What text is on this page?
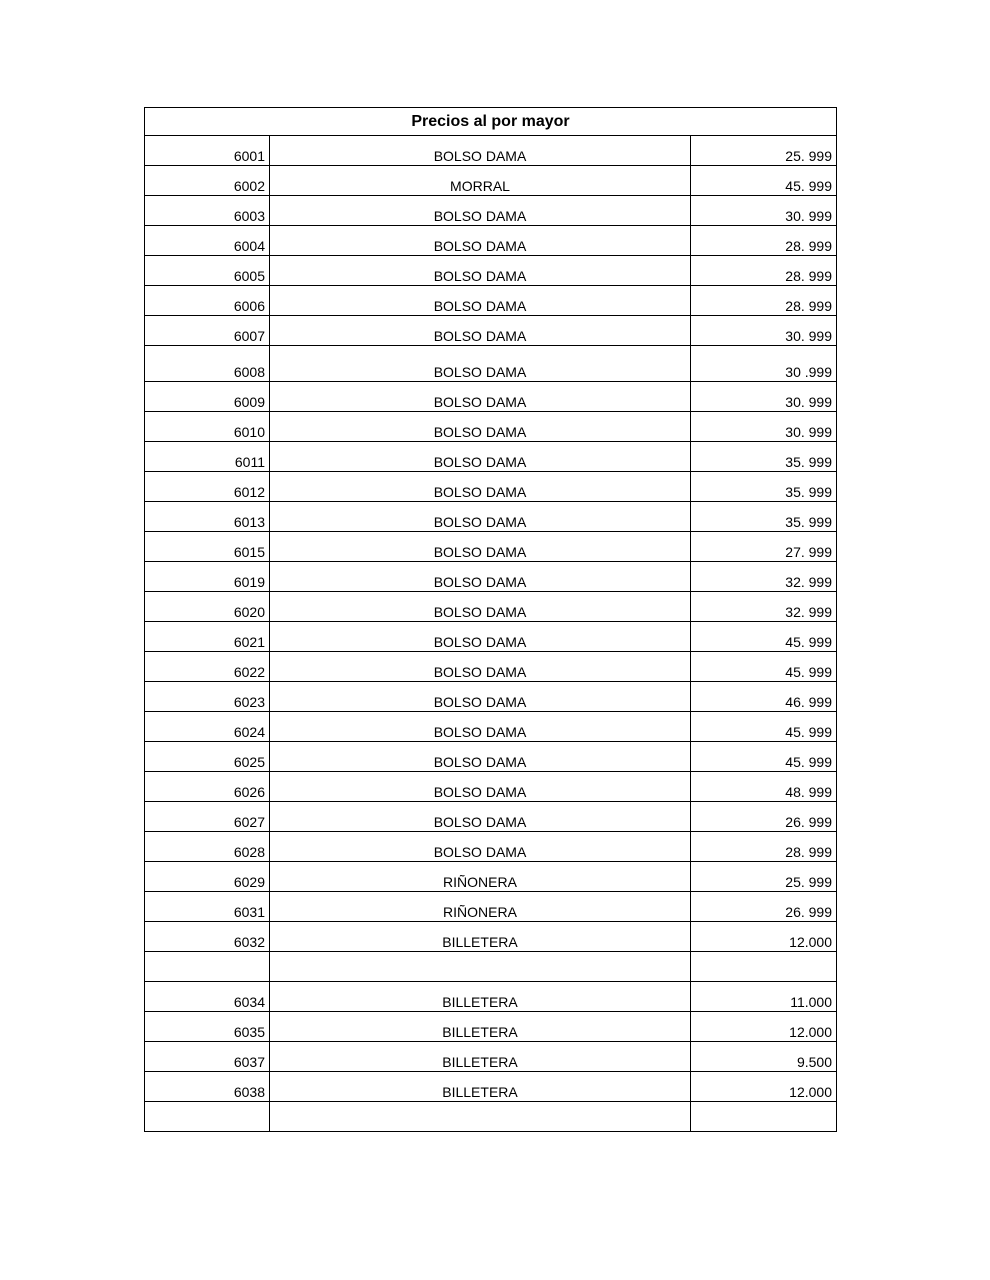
Precios al por mayor		
6001	BOLSO DAMA	25. 999
6002	MORRAL	45. 999
6003	BOLSO DAMA	30. 999
6004	BOLSO DAMA	28. 999
6005	BOLSO DAMA	28. 999
6006	BOLSO DAMA	28. 999
6007	BOLSO DAMA	30. 999
6008	BOLSO DAMA	30 .999
6009	BOLSO DAMA	30. 999
6010	BOLSO DAMA	30. 999
6011	BOLSO DAMA	35. 999
6012	BOLSO DAMA	35. 999
6013	BOLSO DAMA	35. 999
6015	BOLSO DAMA	27. 999
6019	BOLSO DAMA	32. 999
6020	BOLSO DAMA	32. 999
6021	BOLSO DAMA	45. 999
6022	BOLSO DAMA	45. 999
6023	BOLSO DAMA	46. 999
6024	BOLSO DAMA	45. 999
6025	BOLSO DAMA	45. 999
6026	BOLSO DAMA	48. 999
6027	BOLSO DAMA	26. 999
6028	BOLSO DAMA	28. 999
6029	RIÑONERA	25. 999
6031	RIÑONERA	26. 999
6032	BILLETERA	12.000

6034	BILLETERA	11.000
6035	BILLETERA	12.000
6037	BILLETERA	9.500
6038	BILLETERA	12.000
